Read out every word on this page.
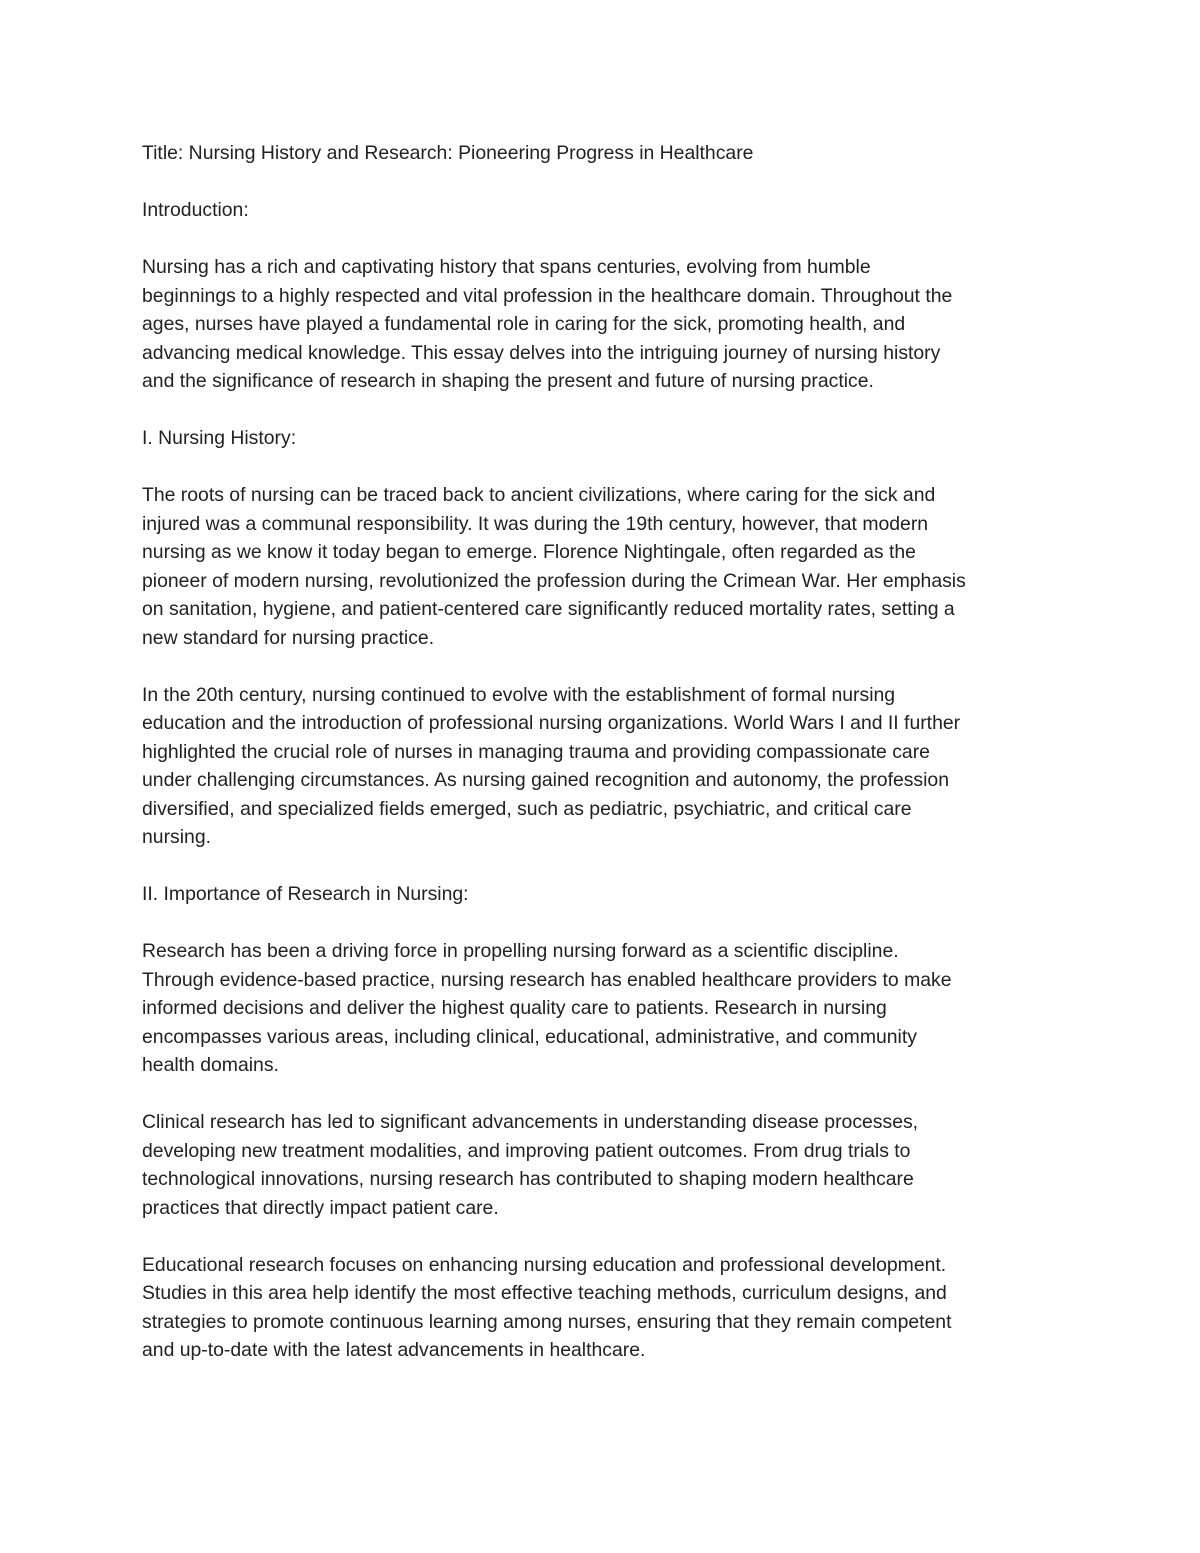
Title: Nursing History and Research: Pioneering Progress in Healthcare

Introduction:

Nursing has a rich and captivating history that spans centuries, evolving from humble
beginnings to a highly respected and vital profession in the healthcare domain. Throughout the
ages, nurses have played a fundamental role in caring for the sick, promoting health, and
advancing medical knowledge. This essay delves into the intriguing journey of nursing history
and the significance of research in shaping the present and future of nursing practice.

I. Nursing History:

The roots of nursing can be traced back to ancient civilizations, where caring for the sick and
injured was a communal responsibility. It was during the 19th century, however, that modern
nursing as we know it today began to emerge. Florence Nightingale, often regarded as the
pioneer of modern nursing, revolutionized the profession during the Crimean War. Her emphasis
on sanitation, hygiene, and patient-centered care significantly reduced mortality rates, setting a
new standard for nursing practice.

In the 20th century, nursing continued to evolve with the establishment of formal nursing
education and the introduction of professional nursing organizations. World Wars I and II further
highlighted the crucial role of nurses in managing trauma and providing compassionate care
under challenging circumstances. As nursing gained recognition and autonomy, the profession
diversified, and specialized fields emerged, such as pediatric, psychiatric, and critical care
nursing.

II. Importance of Research in Nursing:

Research has been a driving force in propelling nursing forward as a scientific discipline.
Through evidence-based practice, nursing research has enabled healthcare providers to make
informed decisions and deliver the highest quality care to patients. Research in nursing
encompasses various areas, including clinical, educational, administrative, and community
health domains.

Clinical research has led to significant advancements in understanding disease processes,
developing new treatment modalities, and improving patient outcomes. From drug trials to
technological innovations, nursing research has contributed to shaping modern healthcare
practices that directly impact patient care.

Educational research focuses on enhancing nursing education and professional development.
Studies in this area help identify the most effective teaching methods, curriculum designs, and
strategies to promote continuous learning among nurses, ensuring that they remain competent
and up-to-date with the latest advancements in healthcare.
